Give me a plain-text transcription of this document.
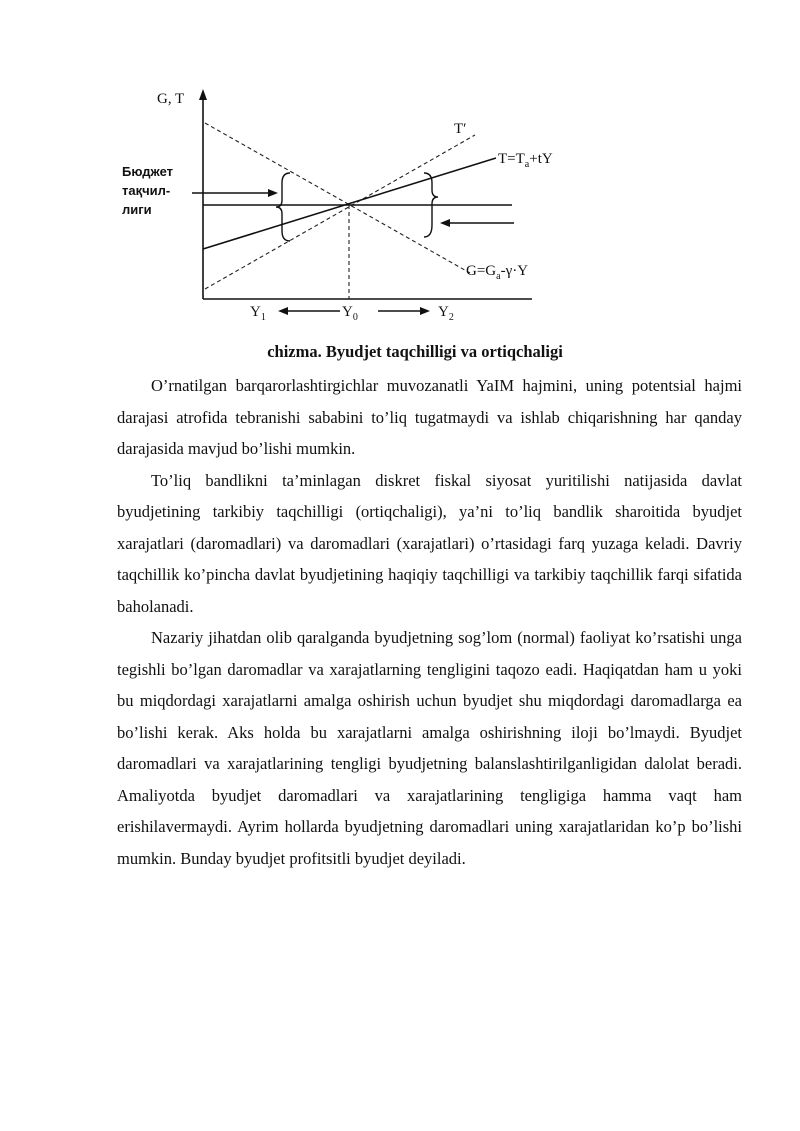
G, T
T′
$T=T_a+tY$
$G=G_a-\gamma\cdot Y$
Бюджет
тақчил-
лиги
$Y_1$	$Y_0$	$Y_2$

chizma. Byudjet taqchilligi va ortiqchaligi

O’rnatilgan barqarorlashtirgichlar muvozanatli YaIM hajmini, uning potentsial hajmi darajasi atrofida tebranishi sababini to’liq tugatmaydi va ishlab chiqarishning har qanday darajasida mavjud bo’lishi mumkin.

To’liq bandlikni ta’minlagan diskret fiskal siyosat yuritilishi natijasida davlat byudjetining tarkibiy taqchilligi (ortiqchaligi), ya’ni to’liq bandlik sharoitida byudjet xarajatlari (daromadlari) va daromadlari (xarajatlari) o’rtasidagi farq yuzaga keladi. Davriy taqchillik ko’pincha davlat byudjetining haqiqiy taqchilligi va tarkibiy taqchillik farqi sifatida baholanadi.

Nazariy jihatdan olib qaralganda byudjetning sog’lom (normal) faoliyat ko’rsatishi unga tegishli bo’lgan daromadlar va xarajatlarning tengligini taqozo eadi. Haqiqatdan ham u yoki bu miqdordagi xarajatlarni amalga oshirish uchun byudjet shu miqdordagi daromadlarga ea bo’lishi kerak. Aks holda bu xarajatlarni amalga oshirishning iloji bo’lmaydi. Byudjet daromadlari va xarajatlarining tengligi byudjetning balanslashtirilganligidan dalolat beradi. Amaliyotda byudjet daromadlari va xarajatlarining tengligiga hamma vaqt ham erishilavermaydi. Ayrim hollarda byudjetning daromadlari uning xarajatlaridan ko’p bo’lishi mumkin. Bunday byudjet profitsitli byudjet deyiladi.
